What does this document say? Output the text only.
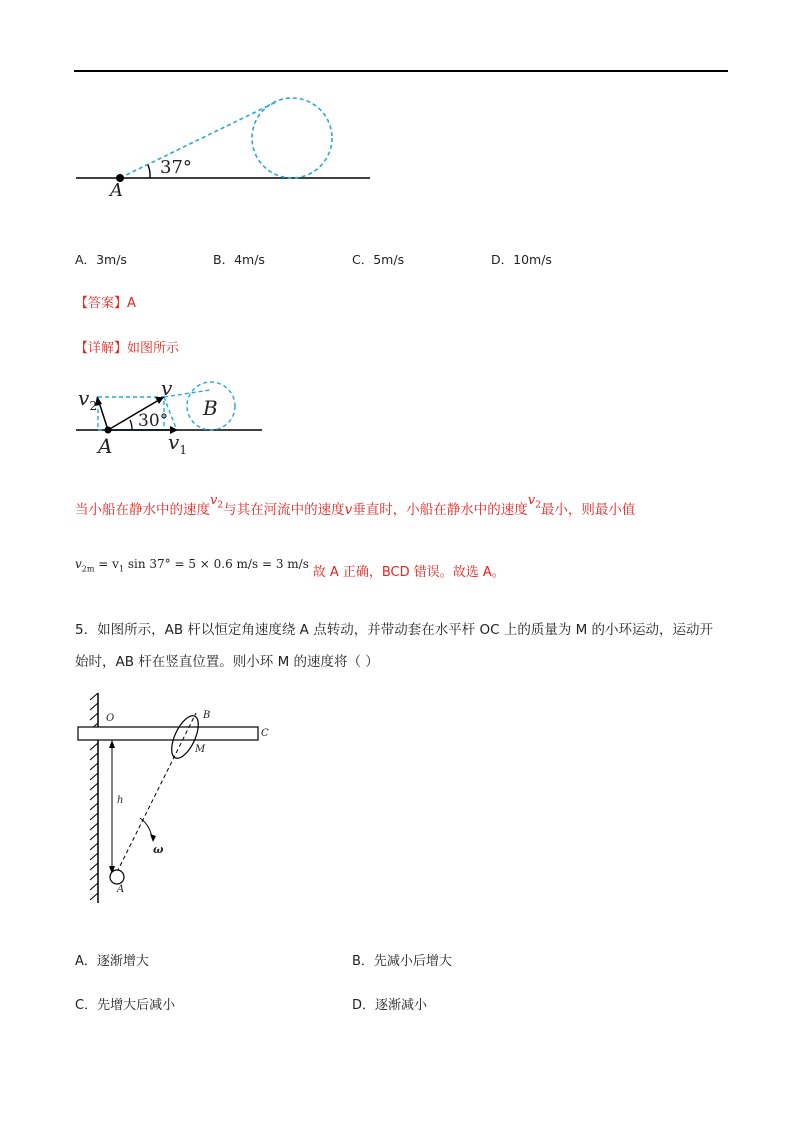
A
37°
A．3m/s	B．4m/s	C．5m/s	D．10m/s
【答案】A
【详解】如图所示
v
$v_2$
$v_1$
30°
A
B
当小船在静水中的速度$v_2$与其在河流中的速度v垂直时，小船在静水中的速度$v_2$最小，则最小值
$v_{2m} = v_1$ sin 37° = 5 × 0.6 m/s = 3 m/s 故 A 正确，BCD 错误。故选 A。
5．如图所示，AB 杆以恒定角速度绕 A 点转动，并带动套在水平杆 OC 上的质量为 M 的小环运动，运动开
始时，AB 杆在竖直位置。则小环 M 的速度将（ ）
O	B
C
M
h
ω
A
A．逐渐增大	B．先减小后增大
C．先增大后减小	D．逐渐减小
